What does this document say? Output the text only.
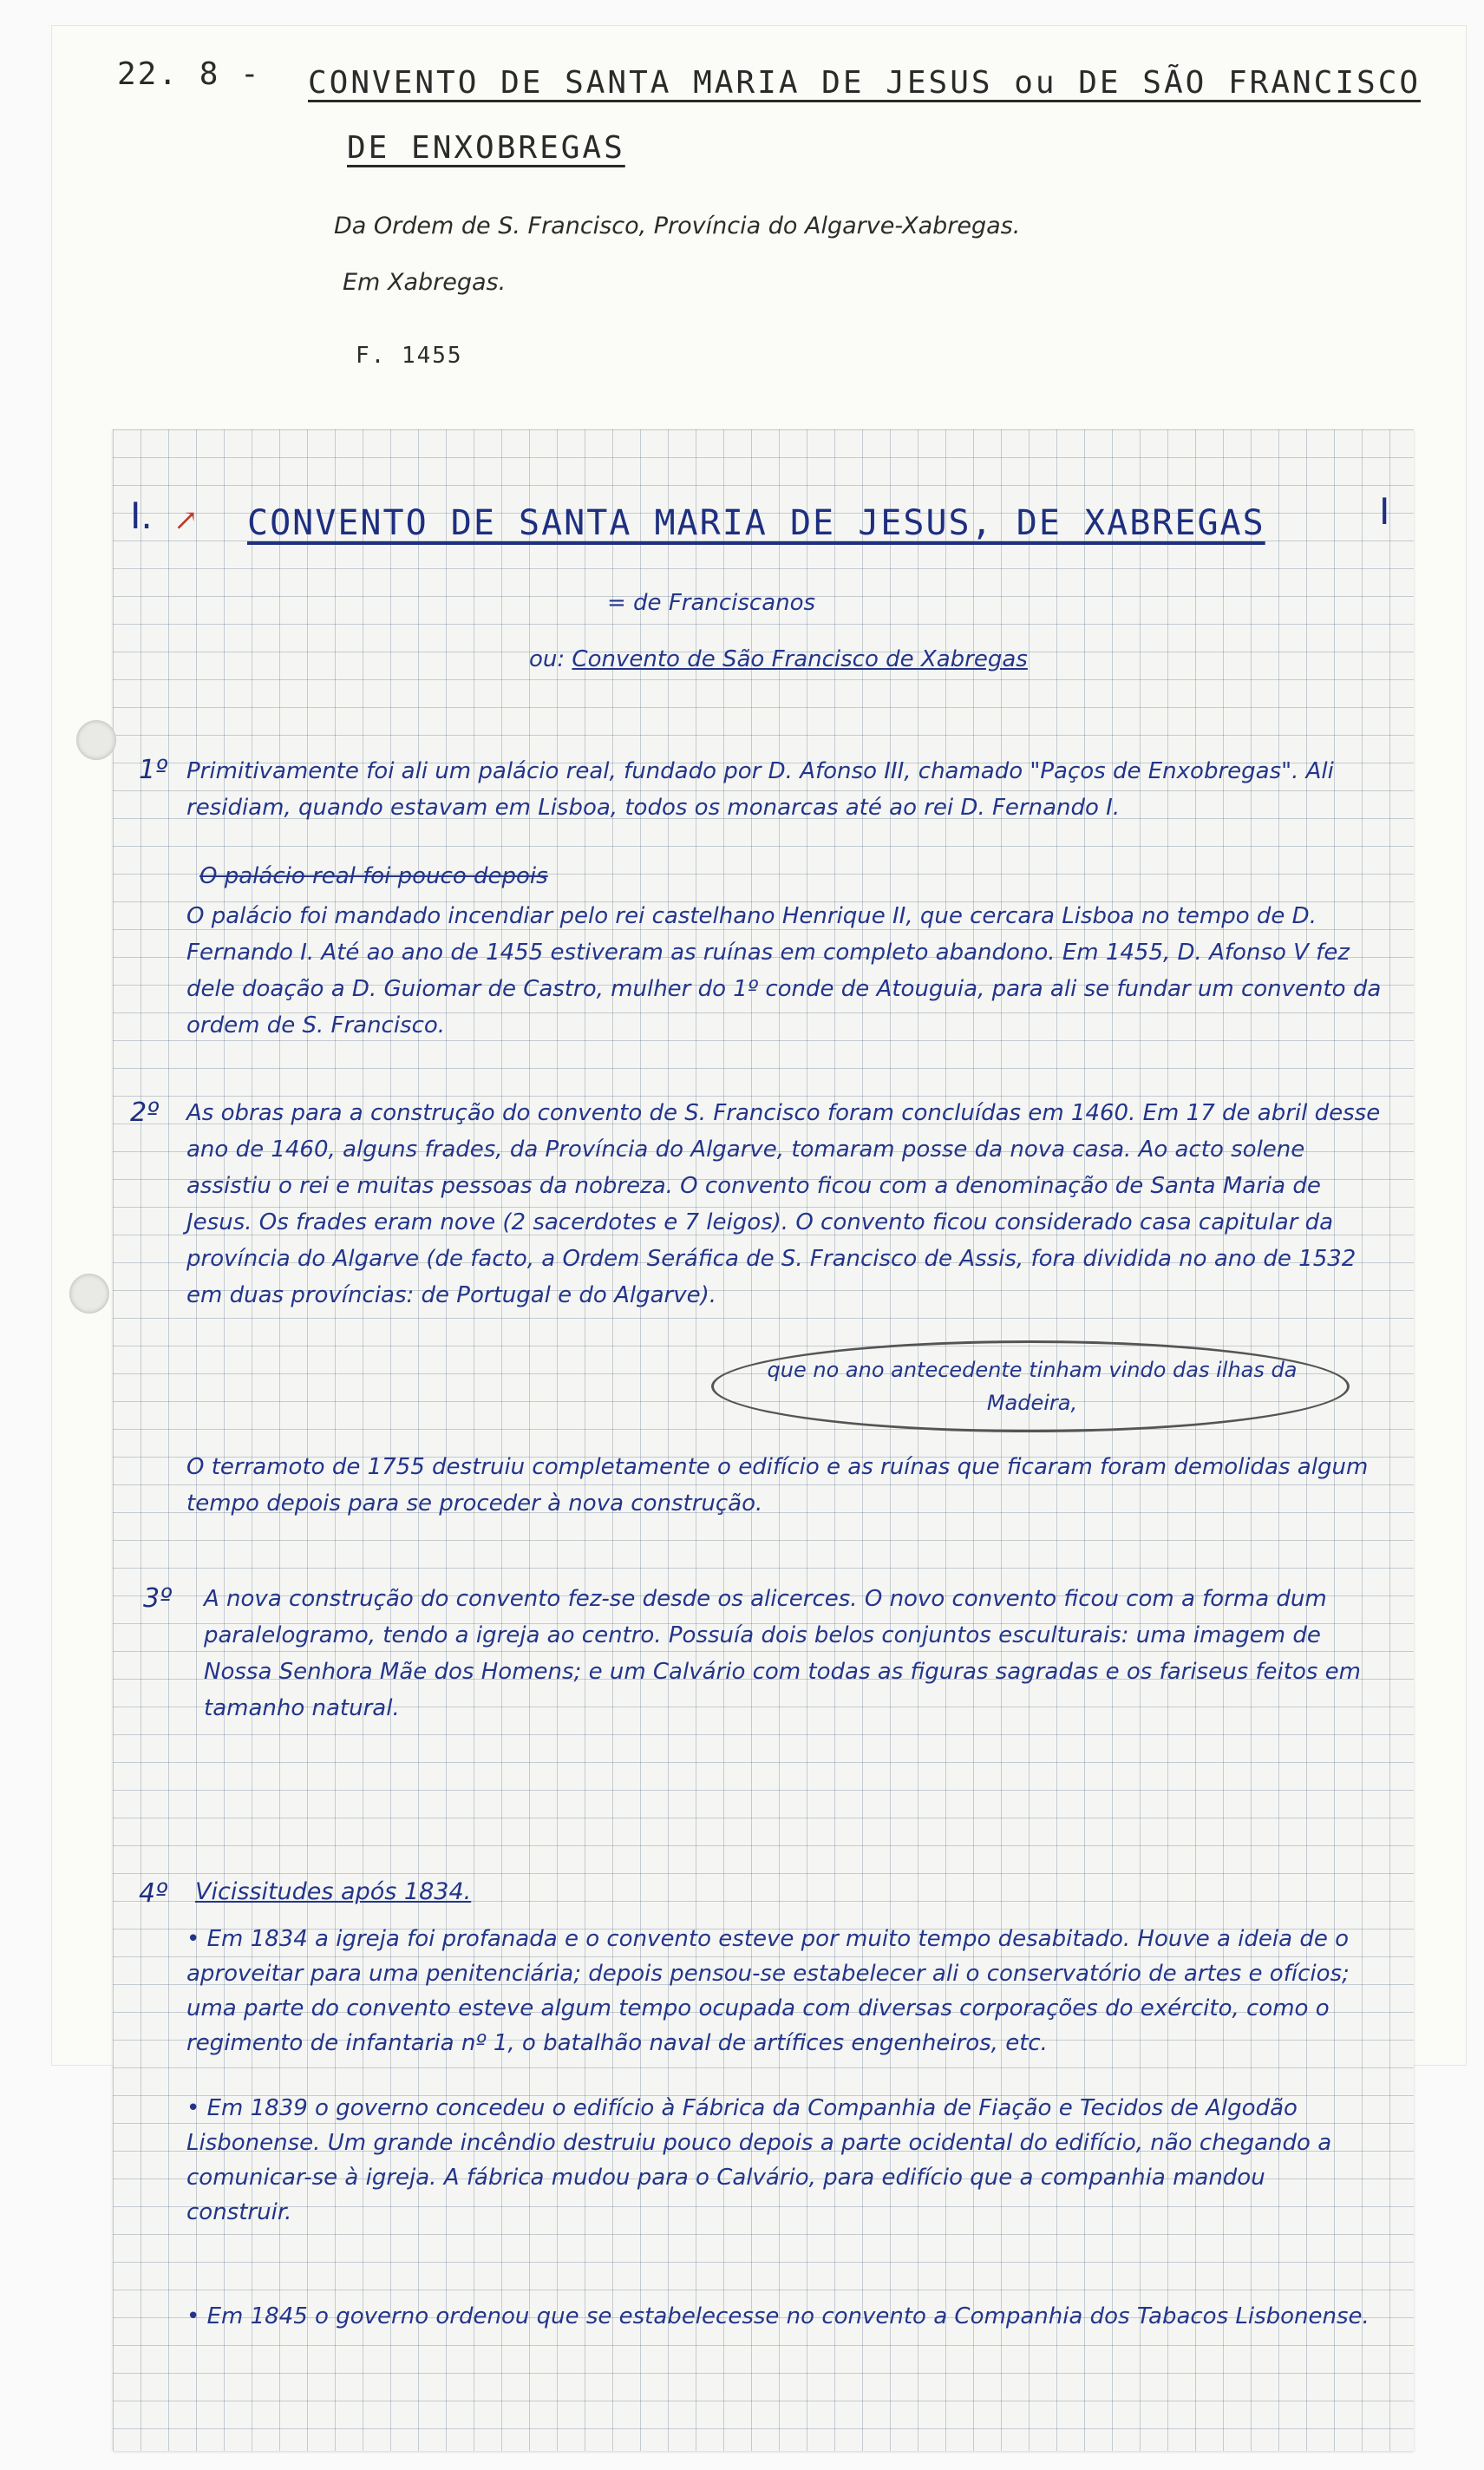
22. 8 - CONVENTO DE SANTA MARIA DE JESUS ou DE SÃO FRANCISCO
DE ENXOBREGAS
Da Ordem de S. Francisco, Província do Algarve-Xabregas.
Em Xabregas.
F. 1455
I. ↗ CONVENTO DE SANTA MARIA DE JESUS, DE XABREGAS	I
= de Franciscanos
ou: Convento de São Francisco de Xabregas
1º Primitivamente foi ali um palácio real, fundado por D. Afonso III, chamado "Paços de Enxobregas". Ali residiam, quando estavam em Lisboa, todos os monarcas até ao rei D. Fernando I.
O palácio real foi pouco depois
O palácio foi mandado incendiar pelo rei castelhano Henrique II, que cercara Lisboa no tempo de D. Fernando I. Até ao ano de 1455 estiveram as ruínas em completo abandono. Em 1455, D. Afonso V fez dele doação a D. Guiomar de Castro, mulher do 1º conde de Atouguia, para ali se fundar um convento da ordem de S. Francisco.
2º As obras para a construção do convento de S. Francisco foram concluídas em 1460. Em 17 de abril desse ano de 1460, alguns frades, da Província do Algarve, tomaram posse da nova casa. Ao acto solene assistiu o rei e muitas pessoas da nobreza. O convento ficou com a denominação de Santa Maria de Jesus. Os frades eram nove (2 sacerdotes e 7 leigos). O convento ficou considerado casa capitular da província do Algarve (de facto, a Ordem Seráfica de S. Francisco de Assis, fora dividida no ano de 1532 em duas províncias: de Portugal e do Algarve).
que no ano antecedente tinham vindo das ilhas da Madeira,
O terramoto de 1755 destruiu completamente o edifício e as ruínas que ficaram foram demolidas algum tempo depois para se proceder à nova construção.
3º A nova construção do convento fez-se desde os alicerces. O novo convento ficou com a forma dum paralelogramo, tendo a igreja ao centro. Possuía dois belos conjuntos esculturais: uma imagem de Nossa Senhora Mãe dos Homens; e um Calvário com todas as figuras sagradas e os fariseus feitos em tamanho natural.
4º Vicissitudes após 1834.
• Em 1834 a igreja foi profanada e o convento esteve por muito tempo desabitado. Houve a ideia de o aproveitar para uma penitenciária; depois pensou-se estabelecer ali o conservatório de artes e ofícios; uma parte do convento esteve algum tempo ocupada com diversas corporações do exército, como o regimento de infantaria nº 1, o batalhão naval de artífices engenheiros, etc.
• Em 1839 o governo concedeu o edifício à Fábrica da Companhia de Fiação e Tecidos de Algodão Lisbonense. Um grande incêndio destruiu pouco depois a parte ocidental do edifício, não chegando a comunicar-se à igreja. A fábrica mudou para o Calvário, para edifício que a companhia mandou construir.
• Em 1845 o governo ordenou que se estabelecesse no convento a Companhia dos Tabacos Lisbonense.
